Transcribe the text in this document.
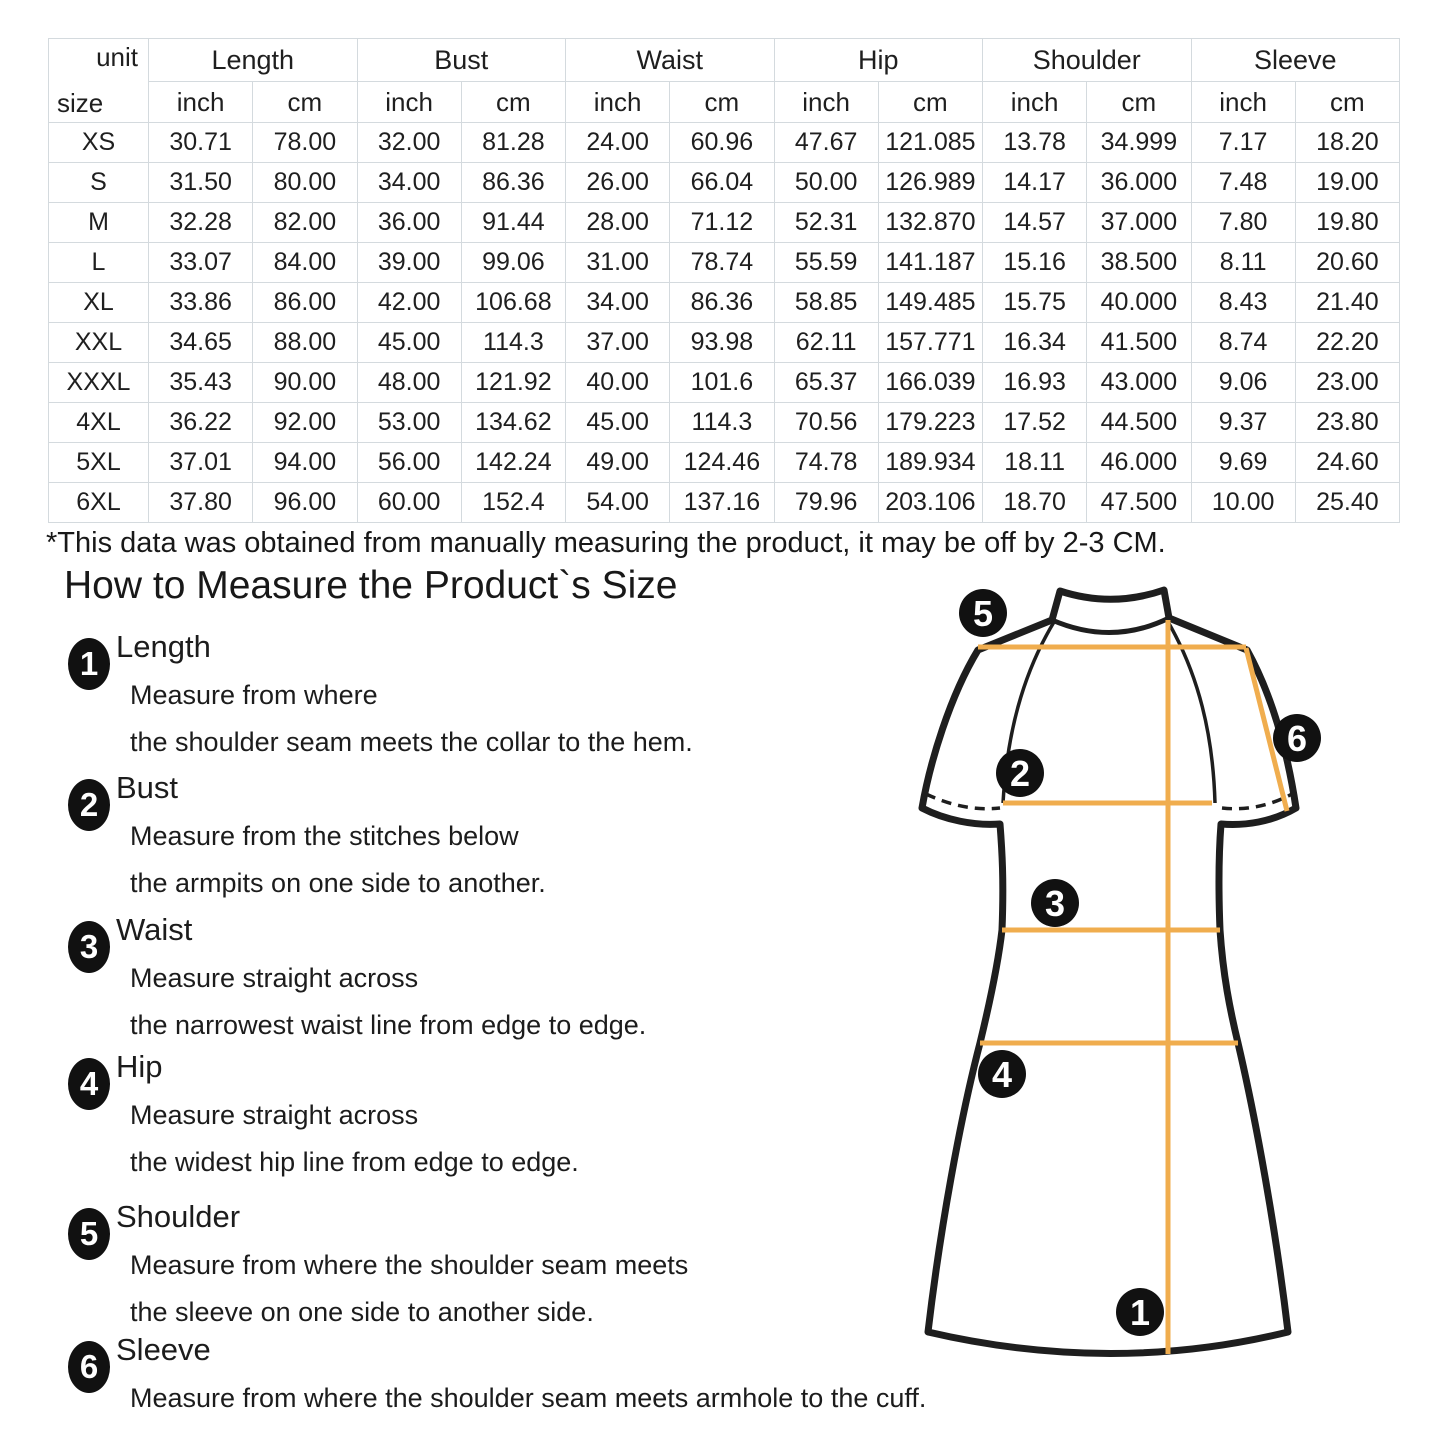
unit
size	Length		Bust		Waist		Hip		Shoulder		Sleeve	
	inch	cm	inch	cm	inch	cm	inch	cm	inch	cm	inch	cm
XS	30.71	78.00	32.00	81.28	24.00	60.96	47.67	121.085	13.78	34.999	7.17	18.20
S	31.50	80.00	34.00	86.36	26.00	66.04	50.00	126.989	14.17	36.000	7.48	19.00
M	32.28	82.00	36.00	91.44	28.00	71.12	52.31	132.870	14.57	37.000	7.80	19.80
L	33.07	84.00	39.00	99.06	31.00	78.74	55.59	141.187	15.16	38.500	8.11	20.60
XL	33.86	86.00	42.00	106.68	34.00	86.36	58.85	149.485	15.75	40.000	8.43	21.40
XXL	34.65	88.00	45.00	114.3	37.00	93.98	62.11	157.771	16.34	41.500	8.74	22.20
XXXL	35.43	90.00	48.00	121.92	40.00	101.6	65.37	166.039	16.93	43.000	9.06	23.00
4XL	36.22	92.00	53.00	134.62	45.00	114.3	70.56	179.223	17.52	44.500	9.37	23.80
5XL	37.01	94.00	56.00	142.24	49.00	124.46	74.78	189.934	18.11	46.000	9.69	24.60
6XL	37.80	96.00	60.00	152.4	54.00	137.16	79.96	203.106	18.70	47.500	10.00	25.40
*This data was obtained from manually measuring the product, it may be off by 2-3 CM.
How to Measure the Product`s Size
1 Length
Measure from where
the shoulder seam meets the collar to the hem.
2 Bust
Measure from the stitches below
the armpits on one side to another.
3 Waist
Measure straight across
the narrowest waist line from edge to edge.
4 Hip
Measure straight across
the widest hip line from edge to edge.
5 Shoulder
Measure from where the shoulder seam meets
the sleeve on one side to another side.
6 Sleeve
Measure from where the shoulder seam meets armhole to the cuff.
5
6
2
3
4
1
